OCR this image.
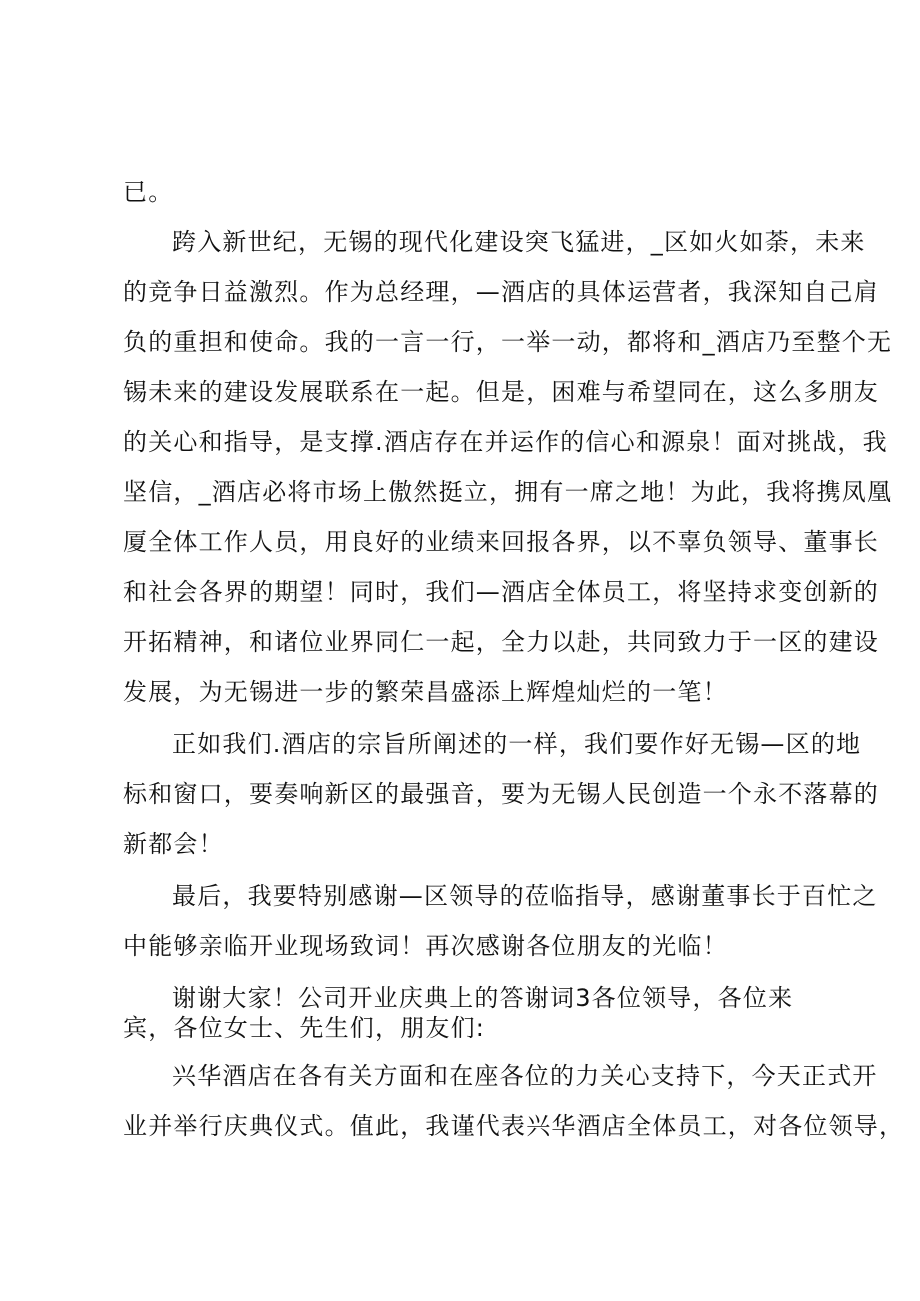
已。
跨入新世纪，无锡的现代化建设突飞猛进，_区如火如荼，未来
的竞争日益激烈。作为总经理，—酒店的具体运营者，我深知自己肩
负的重担和使命。我的一言一行，一举一动，都将和_酒店乃至整个无
锡未来的建设发展联系在一起。但是，困难与希望同在，这么多朋友
的关心和指导，是支撑.酒店存在并运作的信心和源泉！面对挑战，我
坚信，_酒店必将市场上傲然挺立，拥有一席之地！为此，我将携凤凰
厦全体工作人员，用良好的业绩来回报各界，以不辜负领导、董事长
和社会各界的期望！同时，我们—酒店全体员工，将坚持求变创新的
开拓精神，和诸位业界同仁一起，全力以赴，共同致力于一区的建设
发展，为无锡进一步的繁荣昌盛添上辉煌灿烂的一笔！
正如我们.酒店的宗旨所阐述的一样，我们要作好无锡—区的地
标和窗口，要奏响新区的最强音，要为无锡人民创造一个永不落幕的
新都会！
最后，我要特别感谢—区领导的莅临指导，感谢董事长于百忙之
中能够亲临开业现场致词！再次感谢各位朋友的光临！
谢谢大家！公司开业庆典上的答谢词3各位领导，各位来
宾，各位女士、先生们，朋友们:
兴华酒店在各有关方面和在座各位的力关心支持下，今天正式开
业并举行庆典仪式。值此，我谨代表兴华酒店全体员工，对各位领导，
